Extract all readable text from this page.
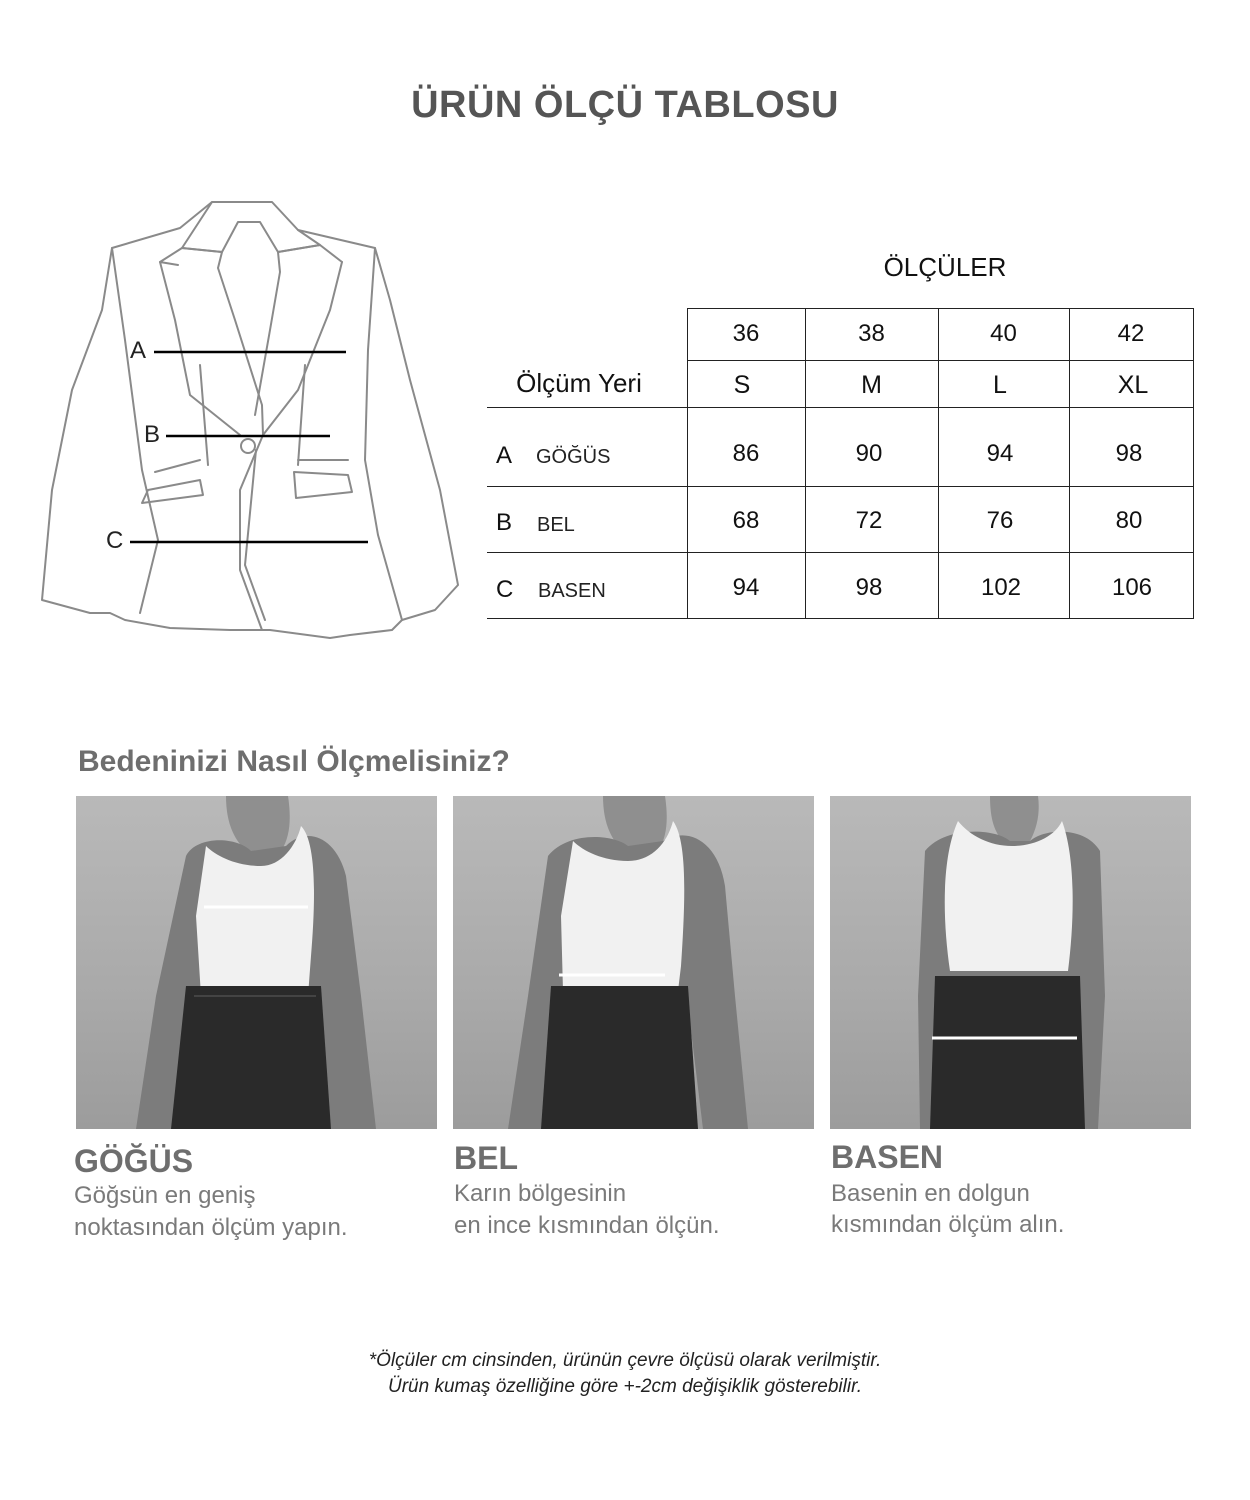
ÜRÜN ÖLÇÜ TABLOSU
A
B
C
ÖLÇÜLER
Ölçüm Yeri
36	38	40	42
S	M	L	XL
A GÖĞÜS	86	90	94	98
B BEL	68	72	76	80
C BASEN	94	98	102	106
Bedeninizi Nasıl Ölçmelisiniz?
GÖĞÜS
Göğsün en geniş
noktasından ölçüm yapın.
BEL
Karın bölgesinin
en ince kısmından ölçün.
BASEN
Basenin en dolgun
kısmından ölçüm alın.
*Ölçüler cm cinsinden, ürünün çevre ölçüsü olarak verilmiştir.
Ürün kumaş özelliğine göre +-2cm değişiklik gösterebilir.
